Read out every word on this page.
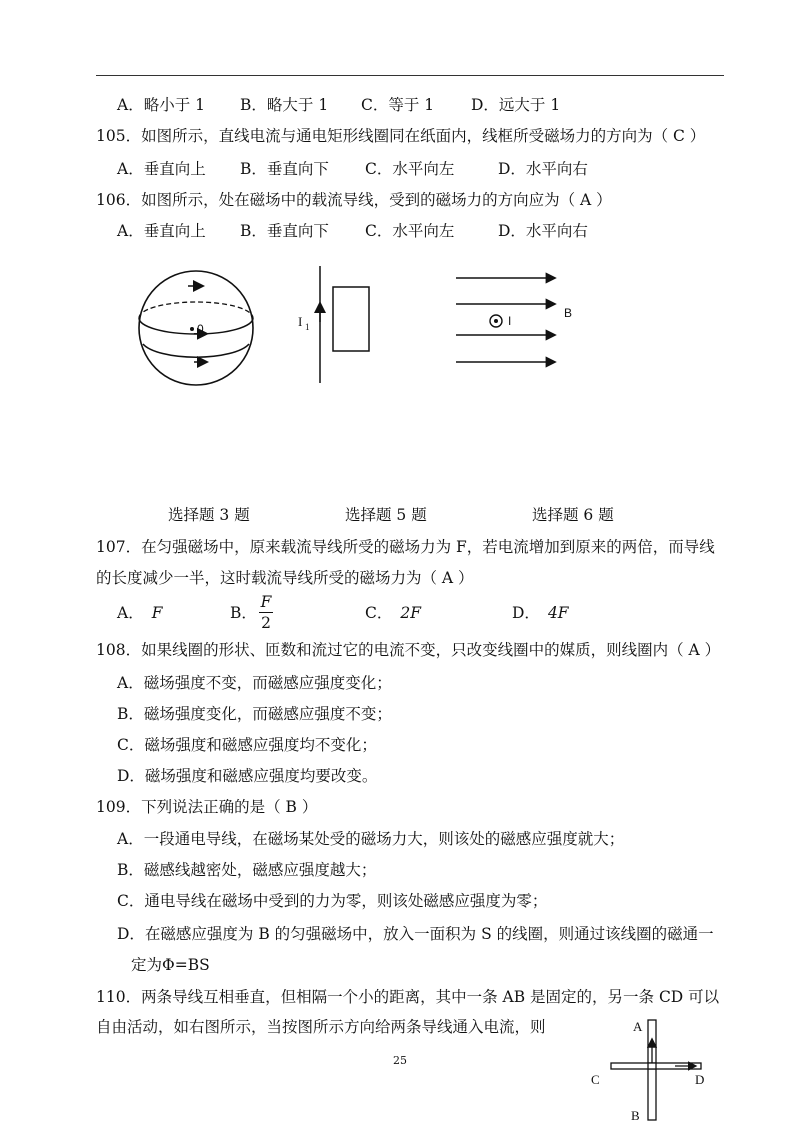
A．略小于 1 B．略大于 1 C．等于 1 D．远大于 1
105．如图所示，直线电流与通电矩形线圈同在纸面内，线框所受磁场力的方向为（ C ）
A．垂直向上 B．垂直向下 C．水平向左	D．水平向右
106．如图所示，处在磁场中的载流导线，受到的磁场力的方向应为（ A ）
A．垂直向上 B．垂直向下 C．水平向左	D．水平向右
0	I 1	I
B
选择题 3 题	选择题 5 题	选择题 6 题
107．在匀强磁场中，原来载流导线所受的磁场力为 F，若电流增加到原来的两倍，而导线
的长度减少一半，这时载流导线所受的磁场力为（ A ）
A． F	B．
F
2
C． 2F	D． 4F
108．如果线圈的形状、匝数和流过它的电流不变，只改变线圈中的媒质，则线圈内（ A ）
A．磁场强度不变，而磁感应强度变化；
B．磁场强度变化，而磁感应强度不变；
C．磁场强度和磁感应强度均不变化；
D．磁场强度和磁感应强度均要改变。
109．下列说法正确的是（ B ）
A．一段通电导线，在磁场某处受的磁场力大，则该处的磁感应强度就大；
B．磁感线越密处，磁感应强度越大；
C．通电导线在磁场中受到的力为零，则该处磁感应强度为零；
D．在磁感应强度为 B 的匀强磁场中，放入一面积为 S 的线圈，则通过该线圈的磁通一
定为Φ=BS
110．两条导线互相垂直，但相隔一个小的距离，其中一条 AB 是固定的，另一条 CD 可以
自由活动，如右图所示，当按图所示方向给两条导线通入电流，则	A
B
C	D
25
